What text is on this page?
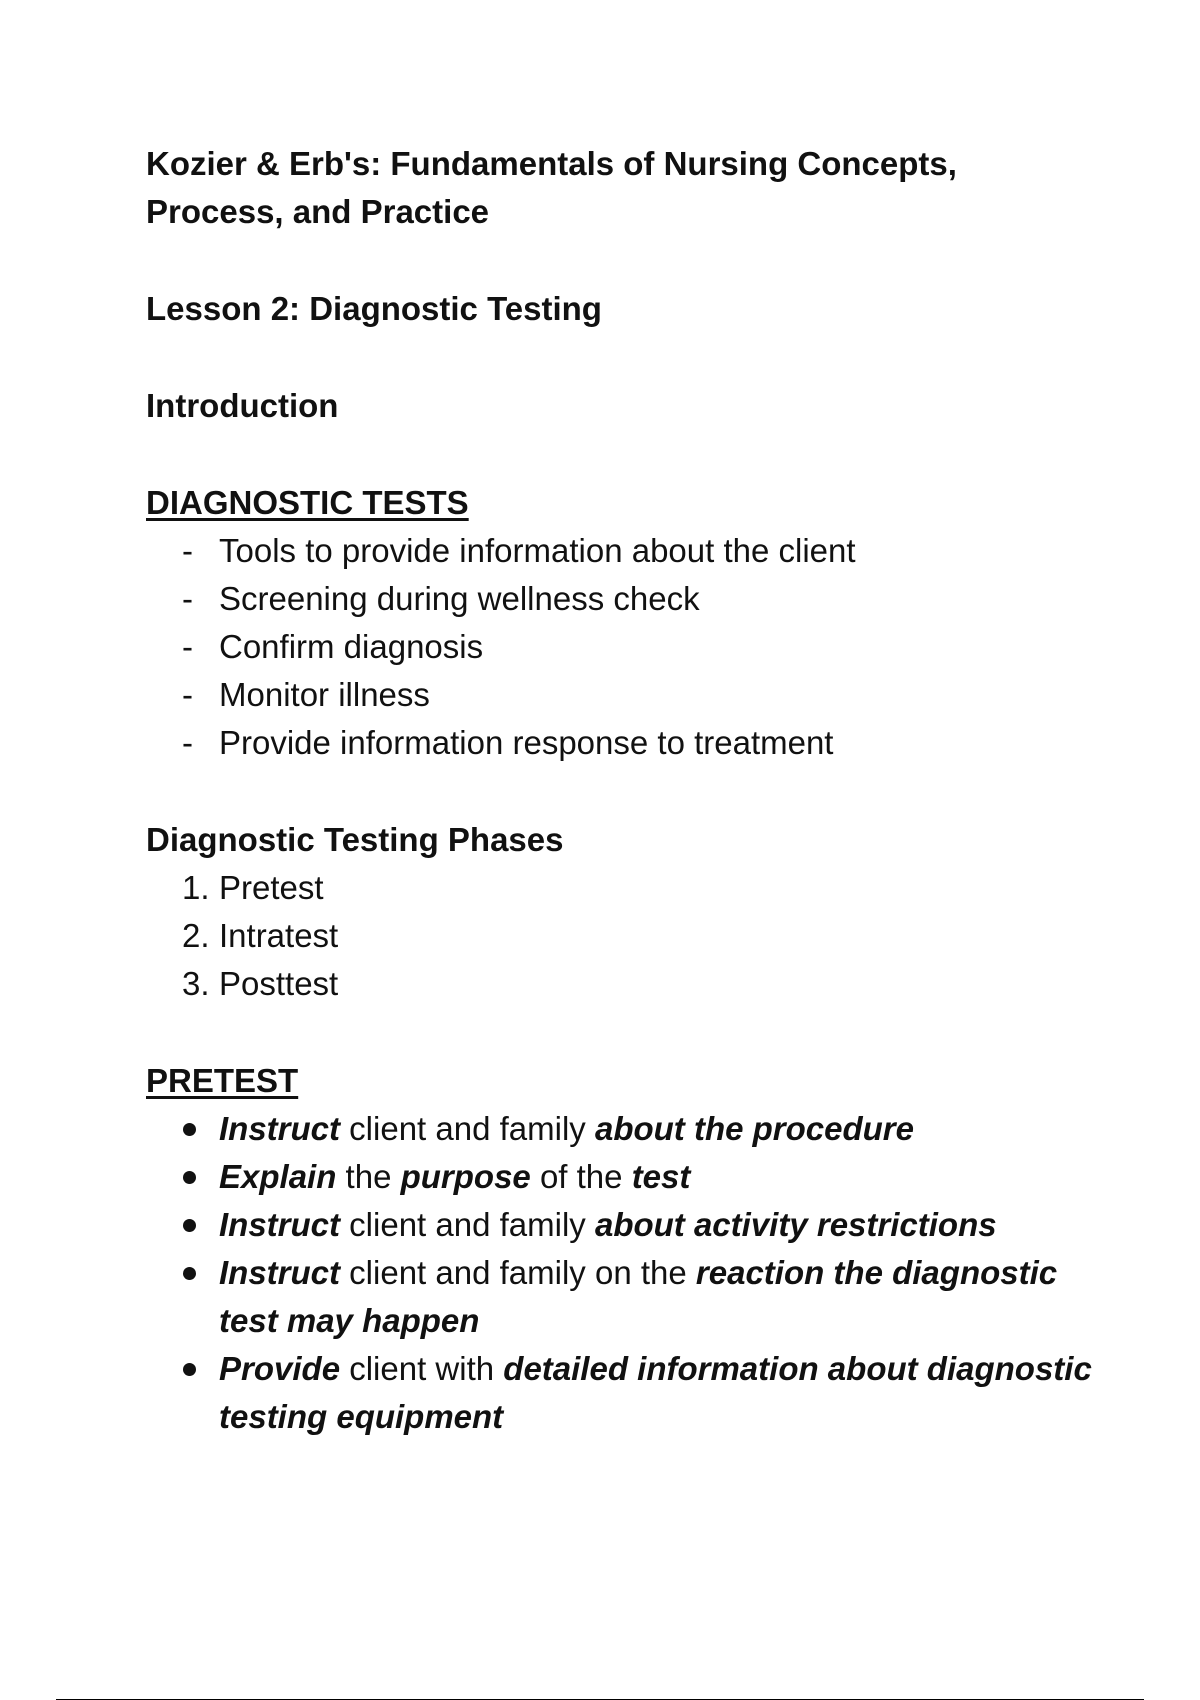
Kozier & Erb's: Fundamentals of Nursing Concepts,
Process, and Practice
Lesson 2: Diagnostic Testing
Introduction
DIAGNOSTIC TESTS
- Tools to provide information about the client
- Screening during wellness check
- Confirm diagnosis
- Monitor illness
- Provide information response to treatment
Diagnostic Testing Phases
1. Pretest
2. Intratest
3. Posttest
PRETEST
Instruct client and family about the procedure
Explain the purpose of the test
Instruct client and family about activity restrictions
Instruct client and family on the reaction the diagnostic test may happen
Provide client with detailed information about diagnostic testing equipment
